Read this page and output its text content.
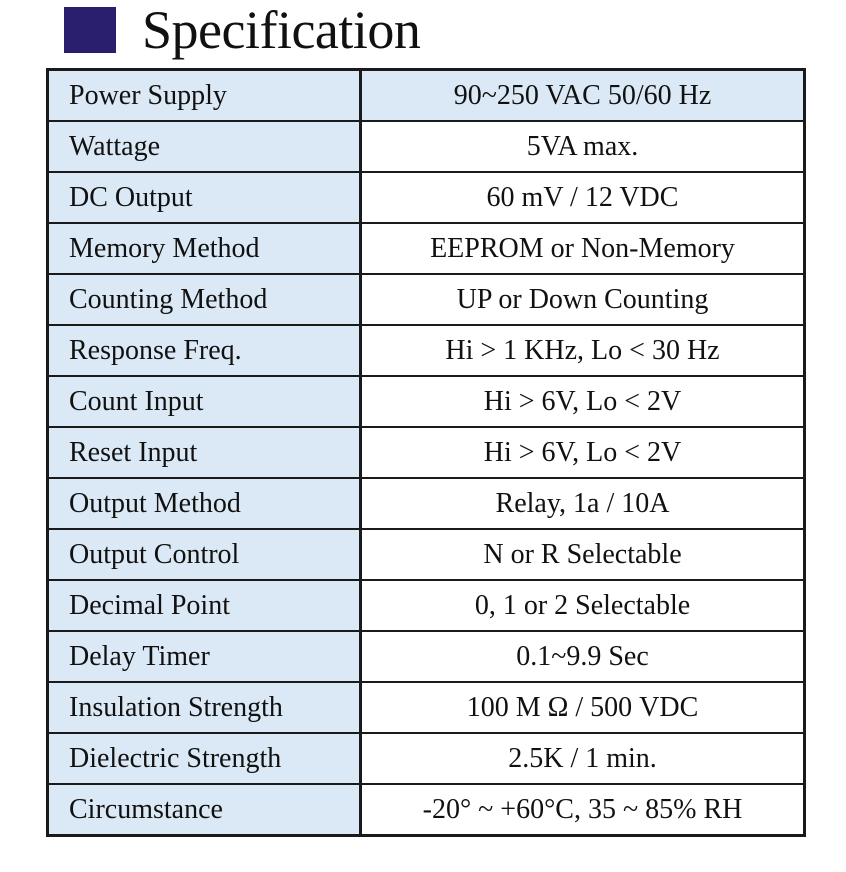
Specification
Power Supply	90~250 VAC 50/60 Hz
Wattage	5VA max.
DC Output	60 mV / 12 VDC
Memory Method	EEPROM or Non-Memory
Counting Method	UP or Down Counting
Response Freq.	Hi > 1 KHz, Lo < 30 Hz
Count Input	Hi > 6V, Lo < 2V
Reset Input	Hi > 6V, Lo < 2V
Output Method	Relay, 1a / 10A
Output Control	N or R Selectable
Decimal Point	0, 1 or 2 Selectable
Delay Timer	0.1~9.9 Sec
Insulation Strength	100 M Ω / 500 VDC
Dielectric Strength	2.5K / 1 min.
Circumstance	-20° ~ +60°C, 35 ~ 85% RH
